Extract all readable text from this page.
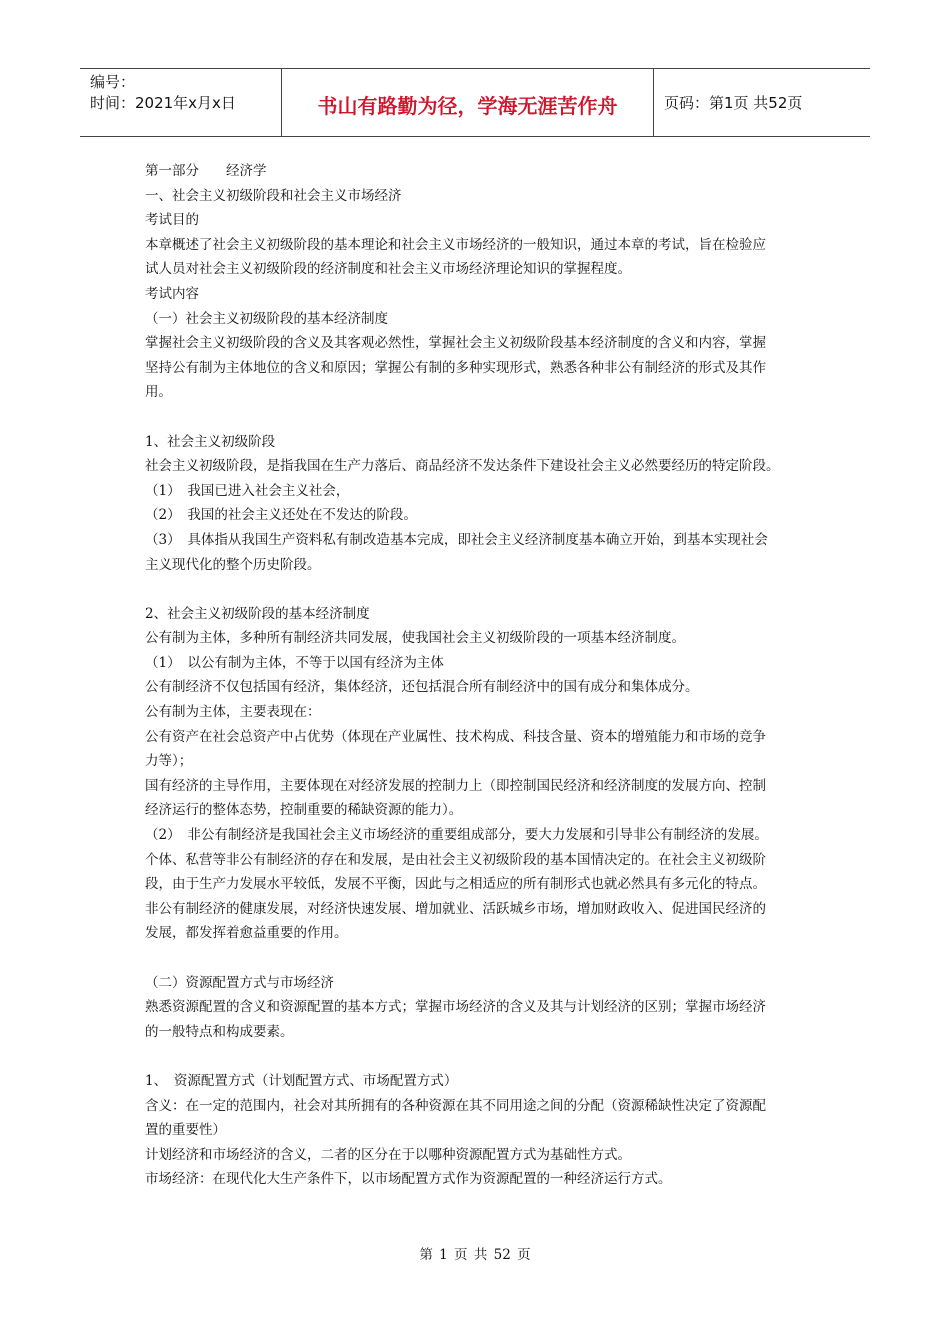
编号：
时间：2021年x月x日	书山有路勤为径，学海无涯苦作舟	页码：第1页 共52页

第一部分　　经济学

一、社会主义初级阶段和社会主义市场经济

考试目的

本章概述了社会主义初级阶段的基本理论和社会主义市场经济的一般知识，通过本章的考试，旨在检验应

试人员对社会主义初级阶段的经济制度和社会主义市场经济理论知识的掌握程度。

考试内容

（一）社会主义初级阶段的基本经济制度

掌握社会主义初级阶段的含义及其客观必然性，掌握社会主义初级阶段基本经济制度的含义和内容，掌握

坚持公有制为主体地位的含义和原因；掌握公有制的多种实现形式，熟悉各种非公有制经济的形式及其作

用。

1、社会主义初级阶段

社会主义初级阶段，是指我国在生产力落后、商品经济不发达条件下建设社会主义必然要经历的特定阶段。

（1）　我国已进入社会主义社会，

（2）　我国的社会主义还处在不发达的阶段。

（3）　具体指从我国生产资料私有制改造基本完成，即社会主义经济制度基本确立开始，到基本实现社会

主义现代化的整个历史阶段。

2、社会主义初级阶段的基本经济制度

公有制为主体，多种所有制经济共同发展，使我国社会主义初级阶段的一项基本经济制度。

（1）　以公有制为主体，不等于以国有经济为主体

公有制经济不仅包括国有经济，集体经济，还包括混合所有制经济中的国有成分和集体成分。

公有制为主体，主要表现在：

公有资产在社会总资产中占优势（体现在产业属性、技术构成、科技含量、资本的增殖能力和市场的竞争

力等）；

国有经济的主导作用，主要体现在对经济发展的控制力上（即控制国民经济和经济制度的发展方向、控制

经济运行的整体态势，控制重要的稀缺资源的能力）。

（2）　非公有制经济是我国社会主义市场经济的重要组成部分，要大力发展和引导非公有制经济的发展。

个体、私营等非公有制经济的存在和发展，是由社会主义初级阶段的基本国情决定的。在社会主义初级阶

段，由于生产力发展水平较低，发展不平衡，因此与之相适应的所有制形式也就必然具有多元化的特点。

非公有制经济的健康发展，对经济快速发展、增加就业、活跃城乡市场，增加财政收入、促进国民经济的

发展，都发挥着愈益重要的作用。

（二）资源配置方式与市场经济

熟悉资源配置的含义和资源配置的基本方式；掌握市场经济的含义及其与计划经济的区别；掌握市场经济

的一般特点和构成要素。

1、　资源配置方式（计划配置方式、市场配置方式）

含义：在一定的范围内，社会对其所拥有的各种资源在其不同用途之间的分配（资源稀缺性决定了资源配

置的重要性）

计划经济和市场经济的含义，二者的区分在于以哪种资源配置方式为基础性方式。

市场经济：在现代化大生产条件下，以市场配置方式作为资源配置的一种经济运行方式。

第 1 页 共 52 页
